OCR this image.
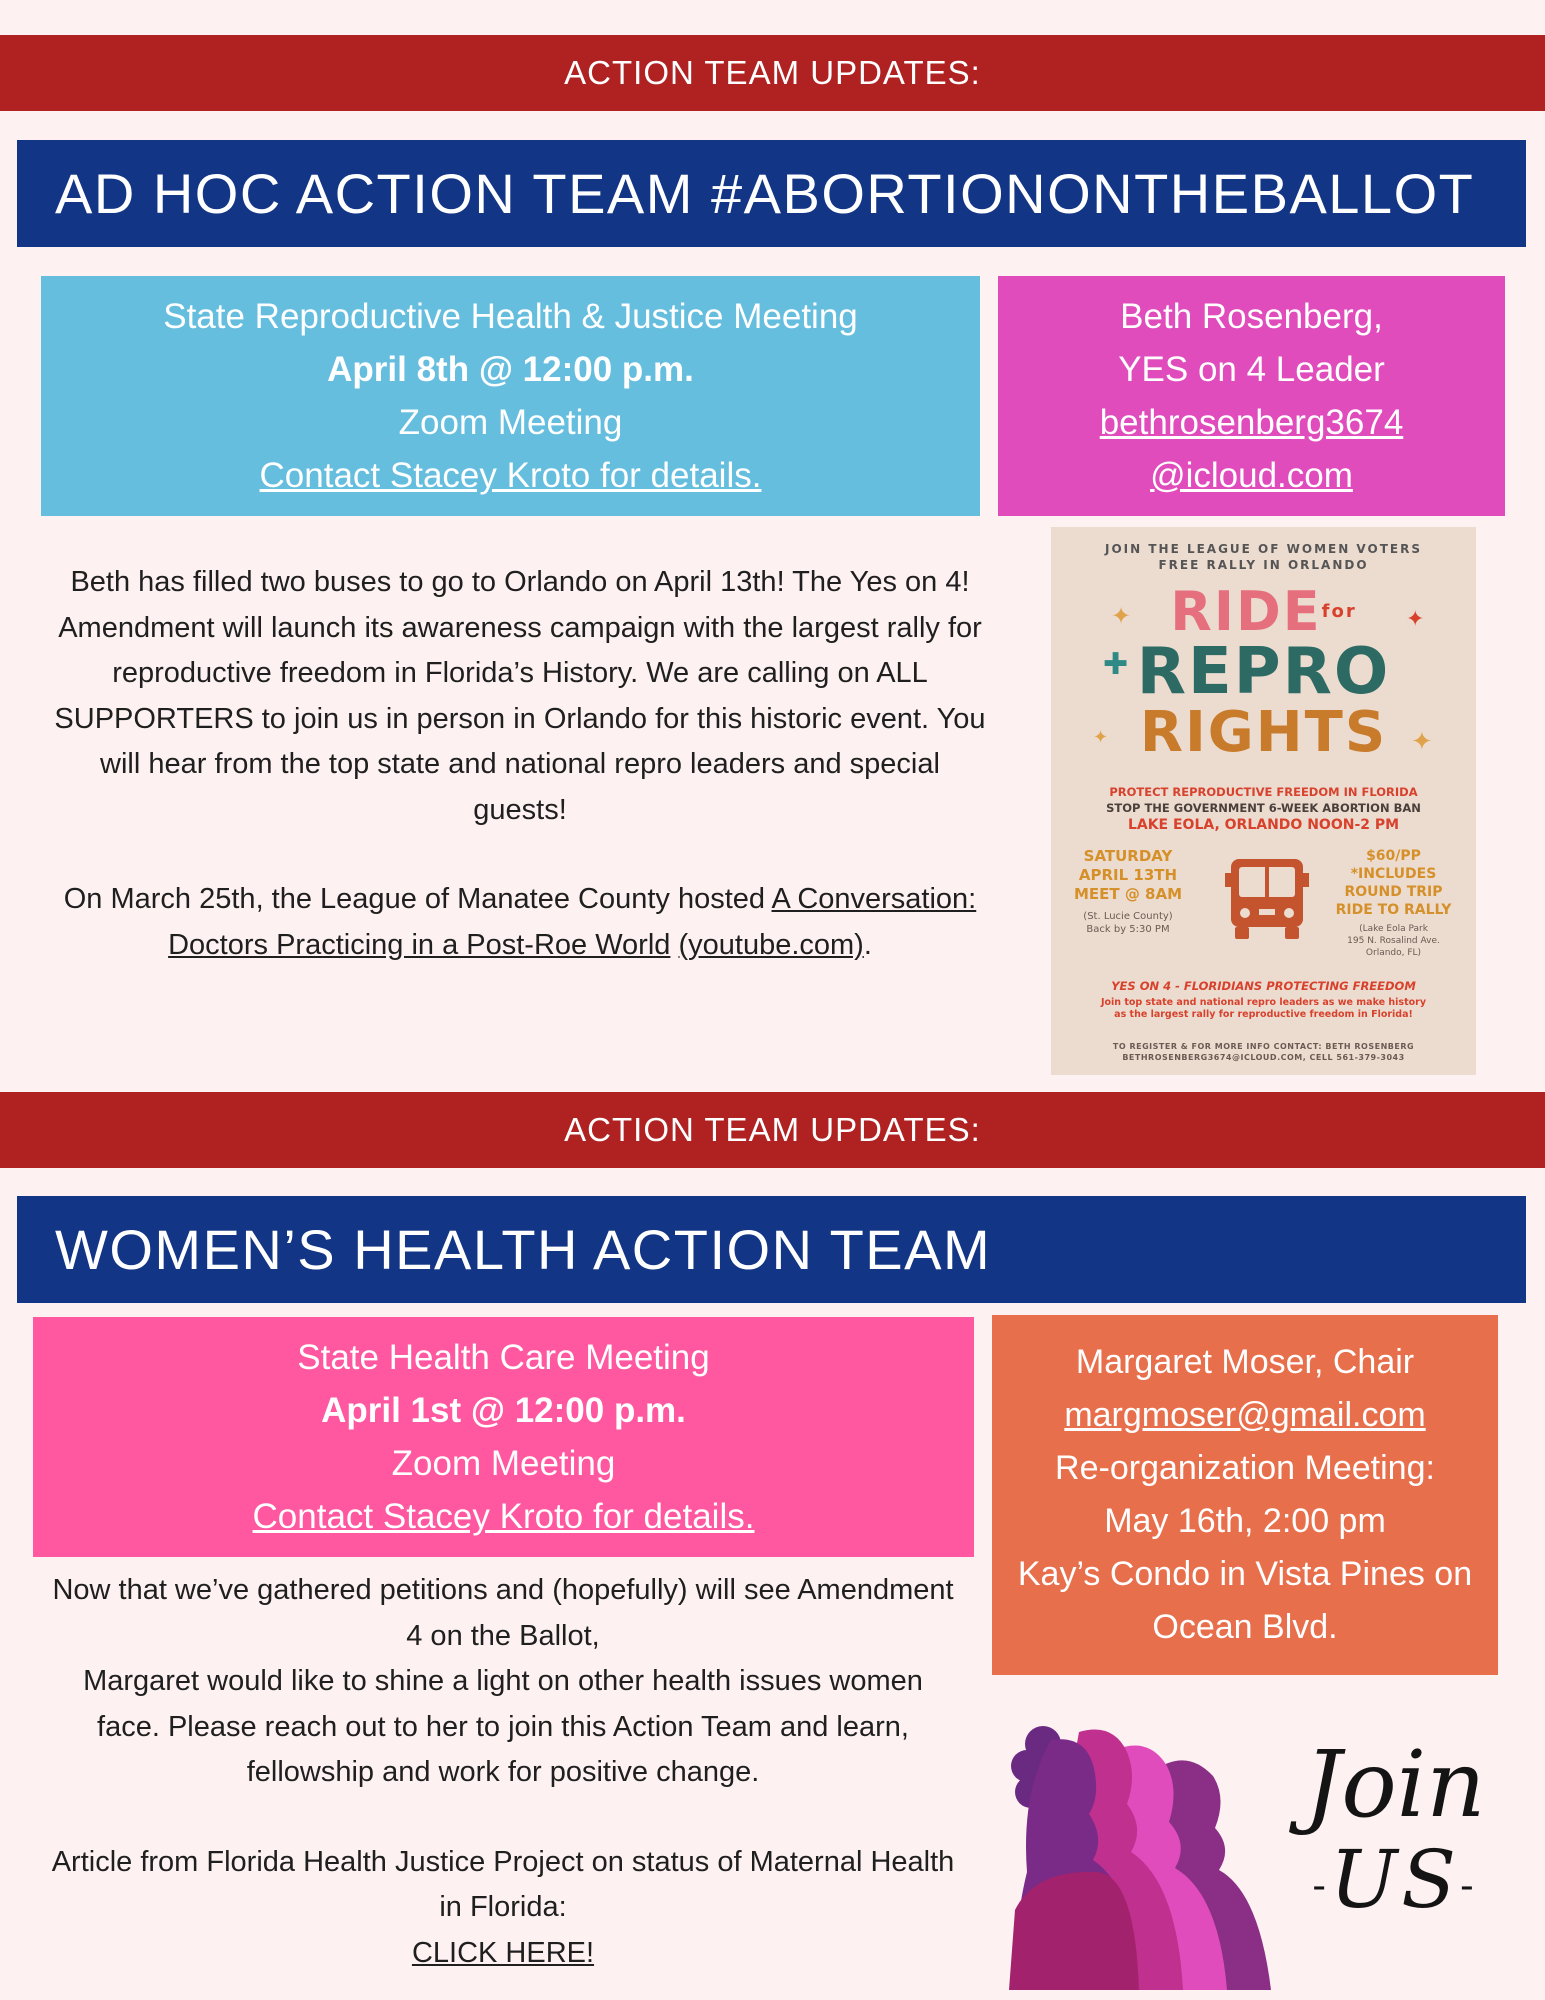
ACTION TEAM UPDATES:
AD HOC ACTION TEAM #ABORTIONONTHEBALLOT
State Reproductive Health & Justice Meeting
April 8th @ 12:00 p.m.
Zoom Meeting
Contact Stacey Kroto for details.
Beth Rosenberg,
YES on 4 Leader
bethrosenberg3674
@icloud.com
Beth has filled two buses to go to Orlando on April 13th! The Yes on 4! Amendment will launch its awareness campaign with the largest rally for reproductive freedom in Florida’s History. We are calling on ALL SUPPORTERS to join us in person in Orlando for this historic event. You will hear from the top state and national repro leaders and special guests!
On March 25th, the League of Manatee County hosted A Conversation: Doctors Practicing in a Post-Roe World (youtube.com).
JOIN THE LEAGUE OF WOMEN VOTERS
FREE RALLY IN ORLANDO
✦
✚
✦
✦
✦
$RIDE^{for}$
REPRO
RIGHTS
PROTECT REPRODUCTIVE FREEDOM IN FLORIDA
STOP THE GOVERNMENT 6-WEEK ABORTION BAN
LAKE EOLA, ORLANDO NOON-2 PM
SATURDAY
APRIL 13TH
MEET @ 8AM
(St. Lucie County)
Back by 5:30 PM
$60/PP
*INCLUDES
ROUND TRIP
RIDE TO RALLY
(Lake Eola Park
195 N. Rosalind Ave.
Orlando, FL)
YES ON 4 - FLORIDIANS PROTECTING FREEDOM
Join top state and national repro leaders as we make history
as the largest rally for reproductive freedom in Florida!
TO REGISTER & FOR MORE INFO CONTACT: BETH ROSENBERG
BETHROSENBERG3674@ICLOUD.COM, CELL 561-379-3043
ACTION TEAM UPDATES:
WOMEN’S HEALTH ACTION TEAM
State Health Care Meeting
April 1st @ 12:00 p.m.
Zoom Meeting
Contact Stacey Kroto for details.
Margaret Moser, Chair
margmoser@gmail.com
Re-organization Meeting:
May 16th, 2:00 pm
Kay’s Condo in Vista Pines on
Ocean Blvd.
Now that we’ve gathered petitions and (hopefully) will see Amendment 4 on the Ballot,
Margaret would like to shine a light on other health issues women face. Please reach out to her to join this Action Team and learn, fellowship and work for positive change.
Article from Florida Health Justice Project on status of Maternal Health in Florida:
CLICK HERE!
Join
-US-
